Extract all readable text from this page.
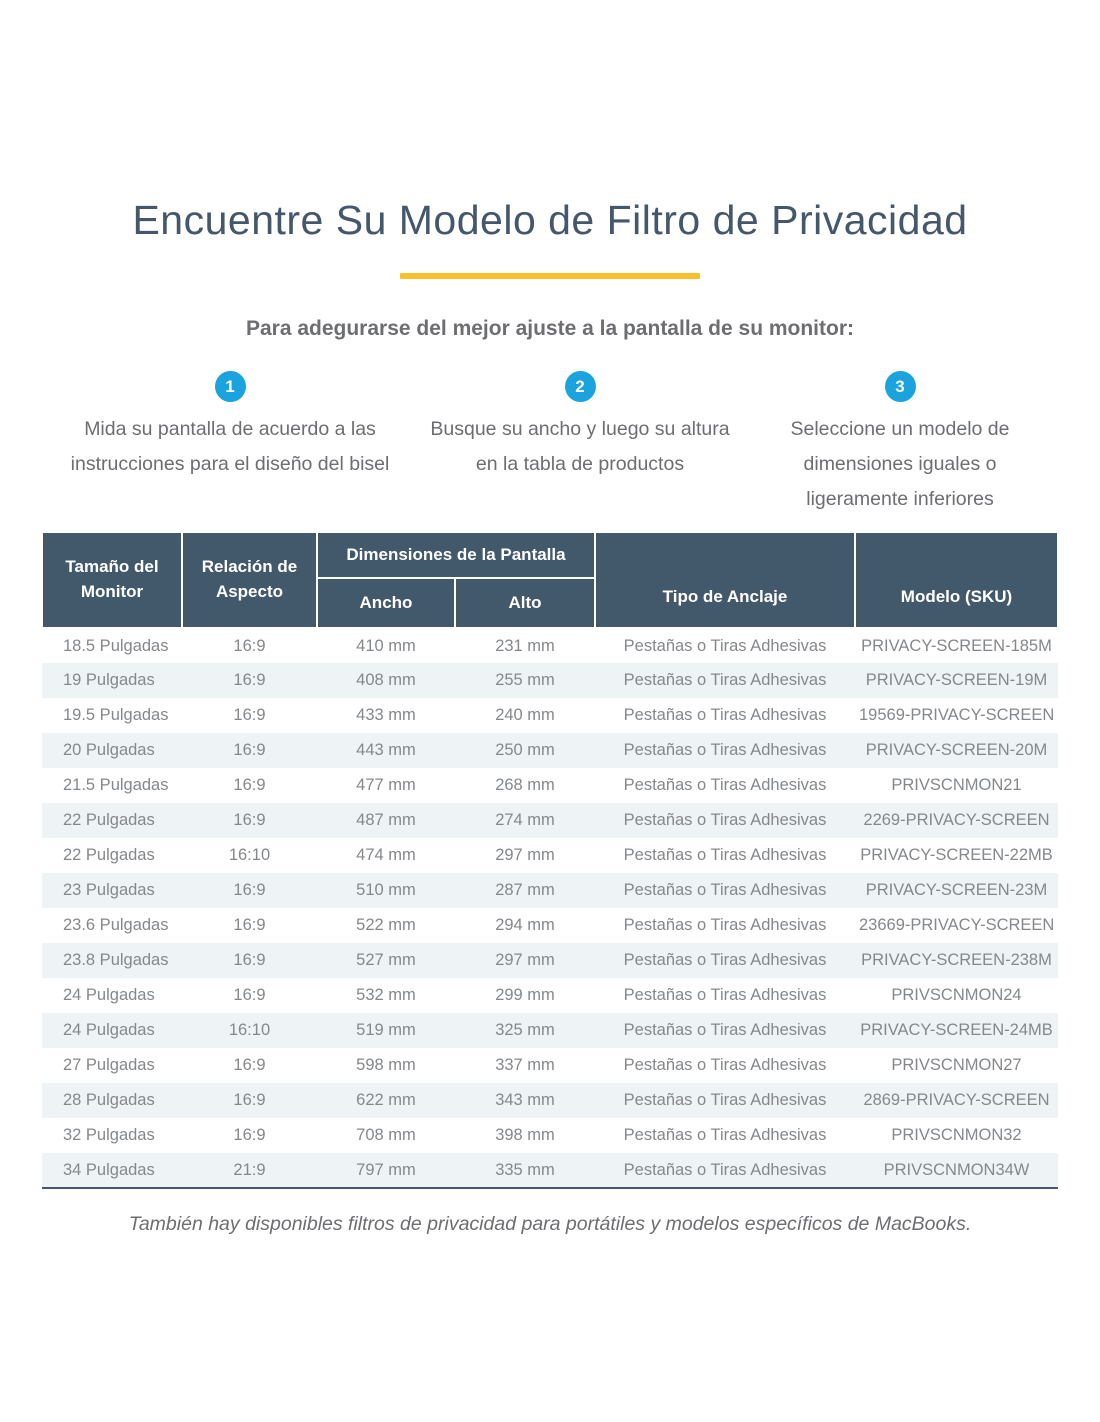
Encuentre Su Modelo de Filtro de Privacidad
Para adegurarse del mejor ajuste a la pantalla de su monitor:
1
Mida su pantalla de acuerdo a las instrucciones para el diseño del bisel
2
Busque su ancho y luego su altura en la tabla de productos
3
Seleccione un modelo de dimensiones iguales o ligeramente inferiores
Tamaño del Monitor	Relación de Aspecto	Dimensiones de la Pantalla		Tipo de Anclaje	Modelo (SKU)
		Ancho	Alto		
18.5 Pulgadas	16:9	410 mm	231 mm	Pestañas o Tiras Adhesivas	PRIVACY-SCREEN-185M
19 Pulgadas	16:9	408 mm	255 mm	Pestañas o Tiras Adhesivas	PRIVACY-SCREEN-19M
19.5 Pulgadas	16:9	433 mm	240 mm	Pestañas o Tiras Adhesivas	19569-PRIVACY-SCREEN
20 Pulgadas	16:9	443 mm	250 mm	Pestañas o Tiras Adhesivas	PRIVACY-SCREEN-20M
21.5 Pulgadas	16:9	477 mm	268 mm	Pestañas o Tiras Adhesivas	PRIVSCNMON21
22 Pulgadas	16:9	487 mm	274 mm	Pestañas o Tiras Adhesivas	2269-PRIVACY-SCREEN
22 Pulgadas	16:10	474 mm	297 mm	Pestañas o Tiras Adhesivas	PRIVACY-SCREEN-22MB
23 Pulgadas	16:9	510 mm	287 mm	Pestañas o Tiras Adhesivas	PRIVACY-SCREEN-23M
23.6 Pulgadas	16:9	522 mm	294 mm	Pestañas o Tiras Adhesivas	23669-PRIVACY-SCREEN
23.8 Pulgadas	16:9	527 mm	297 mm	Pestañas o Tiras Adhesivas	PRIVACY-SCREEN-238M
24 Pulgadas	16:9	532 mm	299 mm	Pestañas o Tiras Adhesivas	PRIVSCNMON24
24 Pulgadas	16:10	519 mm	325 mm	Pestañas o Tiras Adhesivas	PRIVACY-SCREEN-24MB
27 Pulgadas	16:9	598 mm	337 mm	Pestañas o Tiras Adhesivas	PRIVSCNMON27
28 Pulgadas	16:9	622 mm	343 mm	Pestañas o Tiras Adhesivas	2869-PRIVACY-SCREEN
32 Pulgadas	16:9	708 mm	398 mm	Pestañas o Tiras Adhesivas	PRIVSCNMON32
34 Pulgadas	21:9	797 mm	335 mm	Pestañas o Tiras Adhesivas	PRIVSCNMON34W

También hay disponibles filtros de privacidad para portátiles y modelos específicos de MacBooks.
